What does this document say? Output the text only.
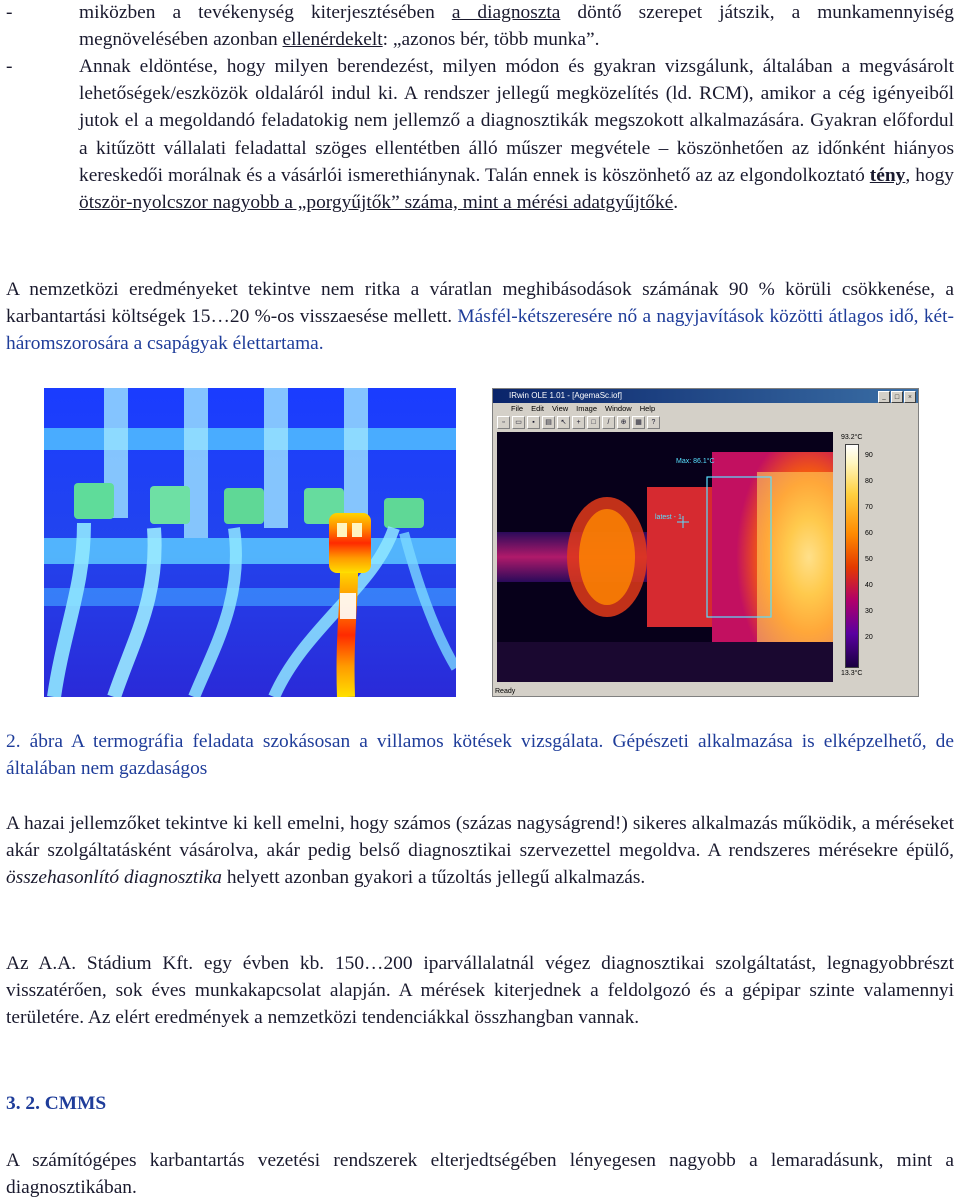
-	miközben a tevékenység kiterjesztésében a diagnoszta döntő szerepet játszik, a munkamennyiség megnövelésében azonban ellenérdekelt: „azonos bér, több munka”.
-	Annak eldöntése, hogy milyen berendezést, milyen módon és gyakran vizsgálunk, általában a megvásárolt lehetőségek/eszközök oldaláról indul ki. A rendszer jellegű megközelítés (ld. RCM), amikor a cég igényeiből jutok el a megoldandó feladatokig nem jellemző a diagnosztikák megszokott alkalmazására. Gyakran előfordul a kitűzött vállalati feladattal szöges ellentétben álló műszer megvétele – köszönhetően az időnként hiányos kereskedői morálnak és a vásárlói ismerethiánynak. Talán ennek is köszönhető az az elgondolkoztató tény, hogy ötször-nyolcszor nagyobb a „porgyűjtők” száma, mint a mérési adatgyűjtőké.
A nemzetközi eredményeket tekintve nem ritka a váratlan meghibásodások számának 90 % körüli csökkenése, a karbantartási költségek 15…20 %-os visszaesése mellett. Másfél-kétszeresére nő a nagyjavítások közötti átlagos idő, két-háromszorosára a csapágyak élettartama.
IRwin OLE 1.01 - [AgemaSc.iof]	_	□	×
File Edit View Image Window Help
▫	▭	▪	▤	↖	+	□	/	⊕	▦	?
Max: 86.1°C
latest - 1
93.2°C
90
80
70
60
50
40
30
20
13.3°C
Ready
2. ábra A termográfia feladata szokásosan a villamos kötések vizsgálata. Gépészeti alkalmazása is elképzelhető, de általában nem gazdaságos
A hazai jellemzőket tekintve ki kell emelni, hogy számos (százas nagyságrend!) sikeres alkalmazás működik, a méréseket akár szolgáltatásként vásárolva, akár pedig belső diagnosztikai szervezettel megoldva. A rendszeres mérésekre épülő, összehasonlító diagnosztika helyett azonban gyakori a tűzoltás jellegű alkalmazás.
Az A.A. Stádium Kft. egy évben kb. 150…200 iparvállalatnál végez diagnosztikai szolgáltatást, legnagyobbrészt visszatérően, sok éves munkakapcsolat alapján. A mérések kiterjednek a feldolgozó és a gépipar szinte valamennyi területére. Az elért eredmények a nemzetközi tendenciákkal összhangban vannak.
3. 2. CMMS
A számítógépes karbantartás vezetési rendszerek elterjedtségében lényegesen nagyobb a lemaradásunk, mint a diagnosztikában.
